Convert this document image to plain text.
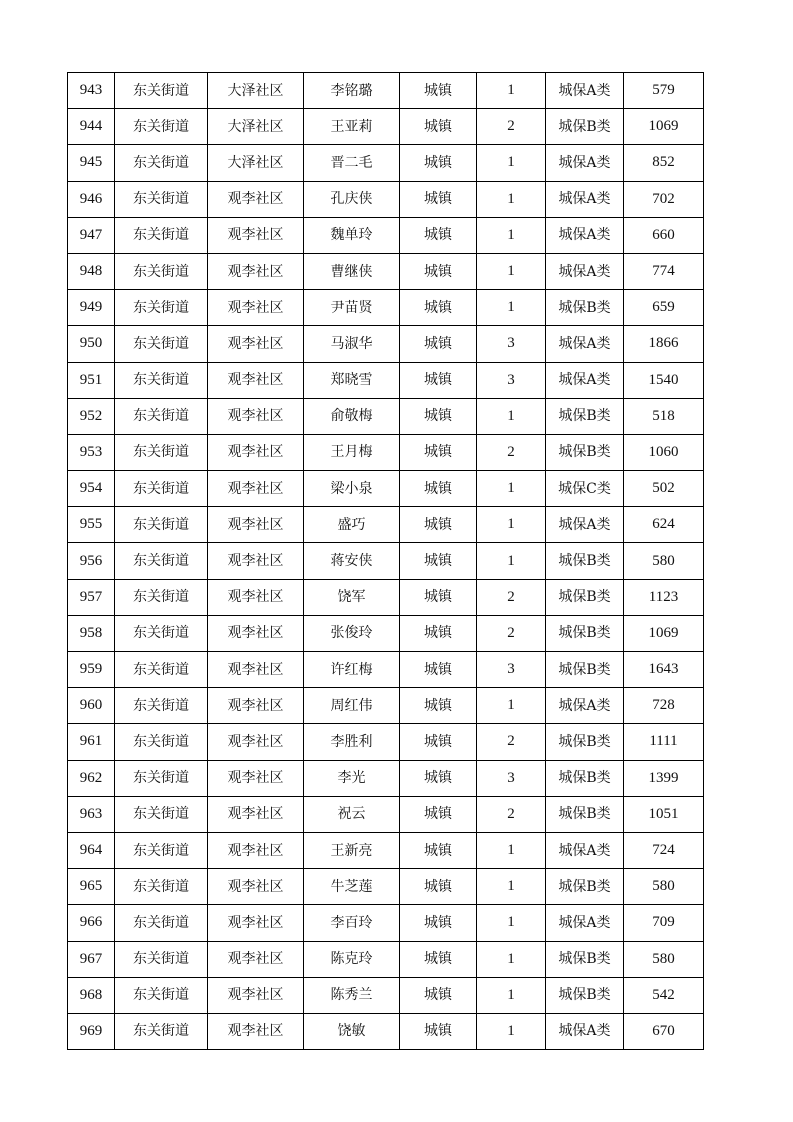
943	东关街道	大泽社区	李铭璐	城镇	1	城保A类	579
944	东关街道	大泽社区	王亚莉	城镇	2	城保B类	1069
945	东关街道	大泽社区	晋二毛	城镇	1	城保A类	852
946	东关街道	观李社区	孔庆侠	城镇	1	城保A类	702
947	东关街道	观李社区	魏单玲	城镇	1	城保A类	660
948	东关街道	观李社区	曹继侠	城镇	1	城保A类	774
949	东关街道	观李社区	尹苗贤	城镇	1	城保B类	659
950	东关街道	观李社区	马淑华	城镇	3	城保A类	1866
951	东关街道	观李社区	郑晓雪	城镇	3	城保A类	1540
952	东关街道	观李社区	俞敬梅	城镇	1	城保B类	518
953	东关街道	观李社区	王月梅	城镇	2	城保B类	1060
954	东关街道	观李社区	梁小泉	城镇	1	城保C类	502
955	东关街道	观李社区	盛巧	城镇	1	城保A类	624
956	东关街道	观李社区	蒋安侠	城镇	1	城保B类	580
957	东关街道	观李社区	饶军	城镇	2	城保B类	1123
958	东关街道	观李社区	张俊玲	城镇	2	城保B类	1069
959	东关街道	观李社区	许红梅	城镇	3	城保B类	1643
960	东关街道	观李社区	周红伟	城镇	1	城保A类	728
961	东关街道	观李社区	李胜利	城镇	2	城保B类	1111
962	东关街道	观李社区	李光	城镇	3	城保B类	1399
963	东关街道	观李社区	祝云	城镇	2	城保B类	1051
964	东关街道	观李社区	王新亮	城镇	1	城保A类	724
965	东关街道	观李社区	牛芝莲	城镇	1	城保B类	580
966	东关街道	观李社区	李百玲	城镇	1	城保A类	709
967	东关街道	观李社区	陈克玲	城镇	1	城保B类	580
968	东关街道	观李社区	陈秀兰	城镇	1	城保B类	542
969	东关街道	观李社区	饶敏	城镇	1	城保A类	670
